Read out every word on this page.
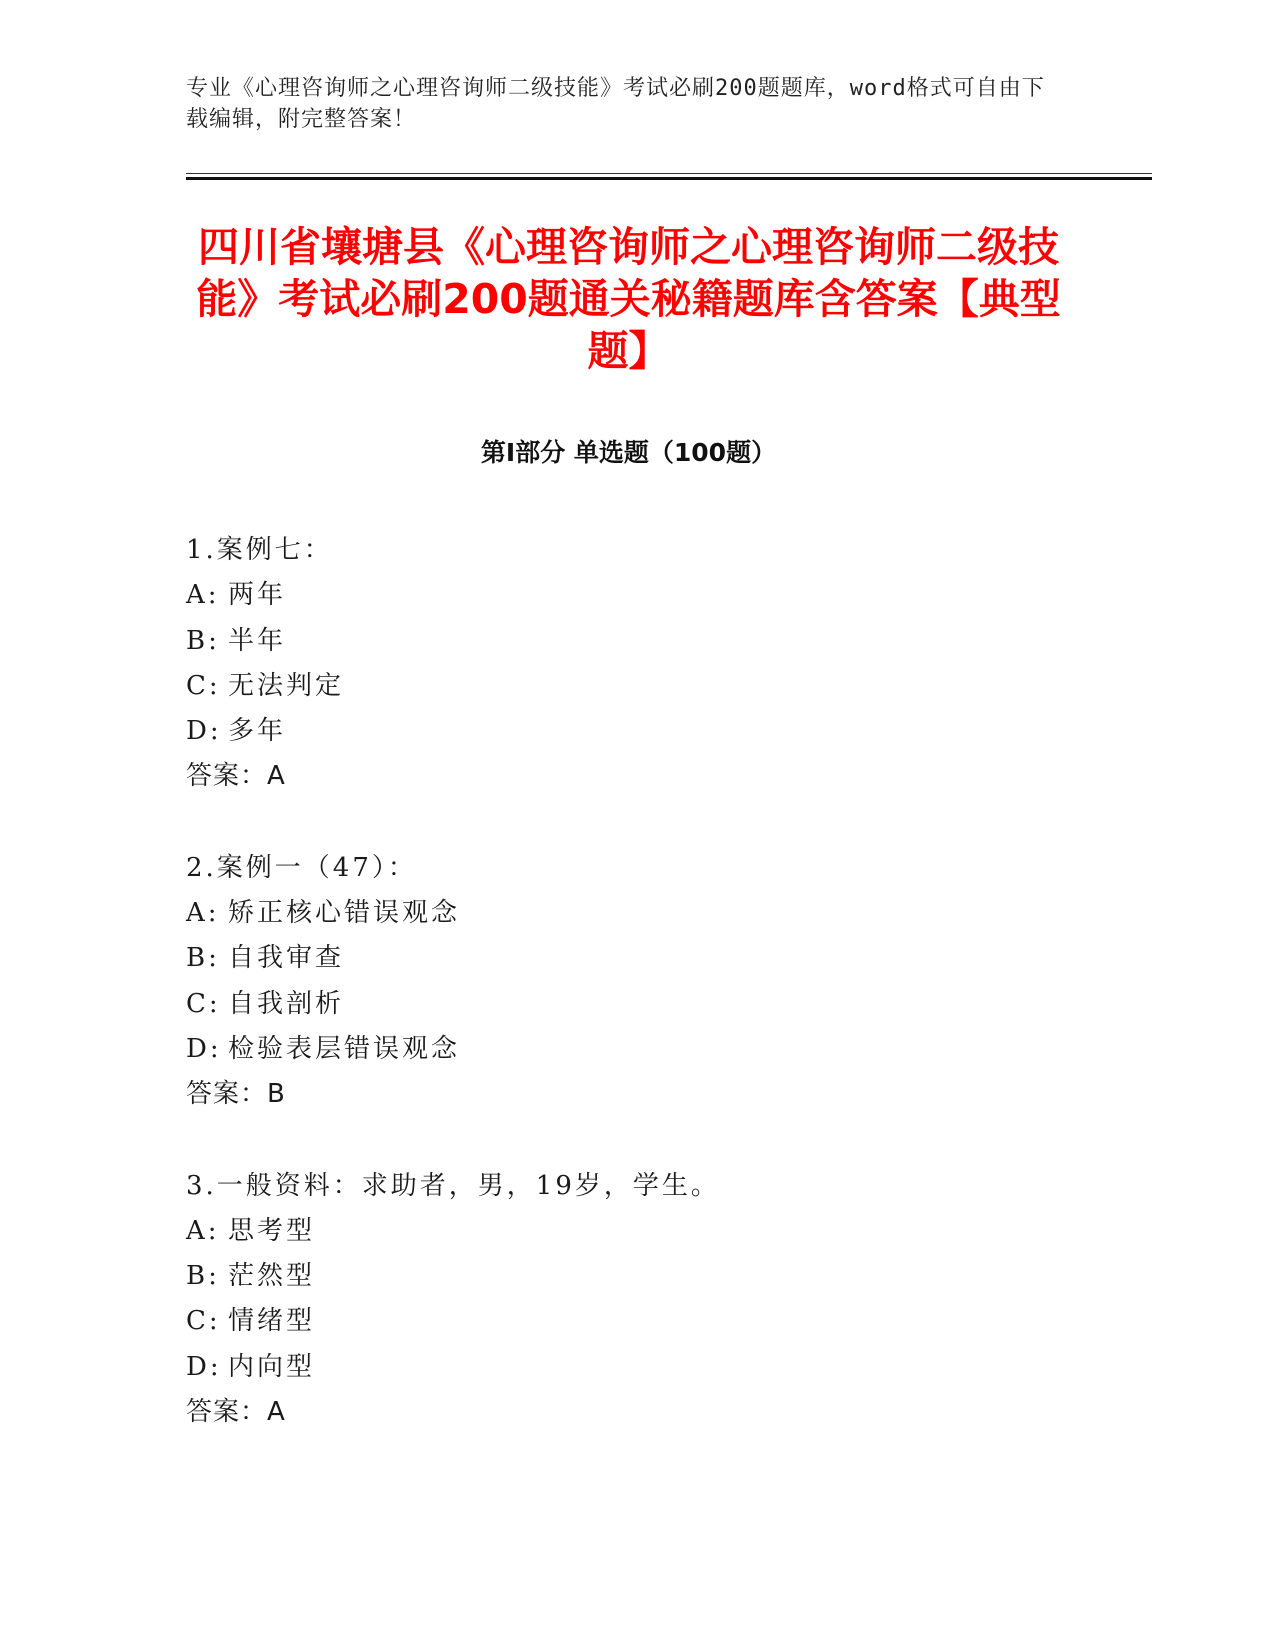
专业《心理咨询师之心理咨询师二级技能》考试必刷200题题库，word格式可自由下载编辑，附完整答案！
四川省壤塘县《心理咨询师之心理咨询师二级技能》考试必刷200题通关秘籍题库含答案【典型题】
第I部分 单选题（100题）
1.案例七：
A: 两年
B: 半年
C: 无法判定
D: 多年
答案：A
2.案例一（47）：
A: 矫正核心错误观念
B: 自我审查
C: 自我剖析
D: 检验表层错误观念
答案：B
3.一般资料：求助者，男，19岁，学生。
A: 思考型
B: 茫然型
C: 情绪型
D: 内向型
答案：A
